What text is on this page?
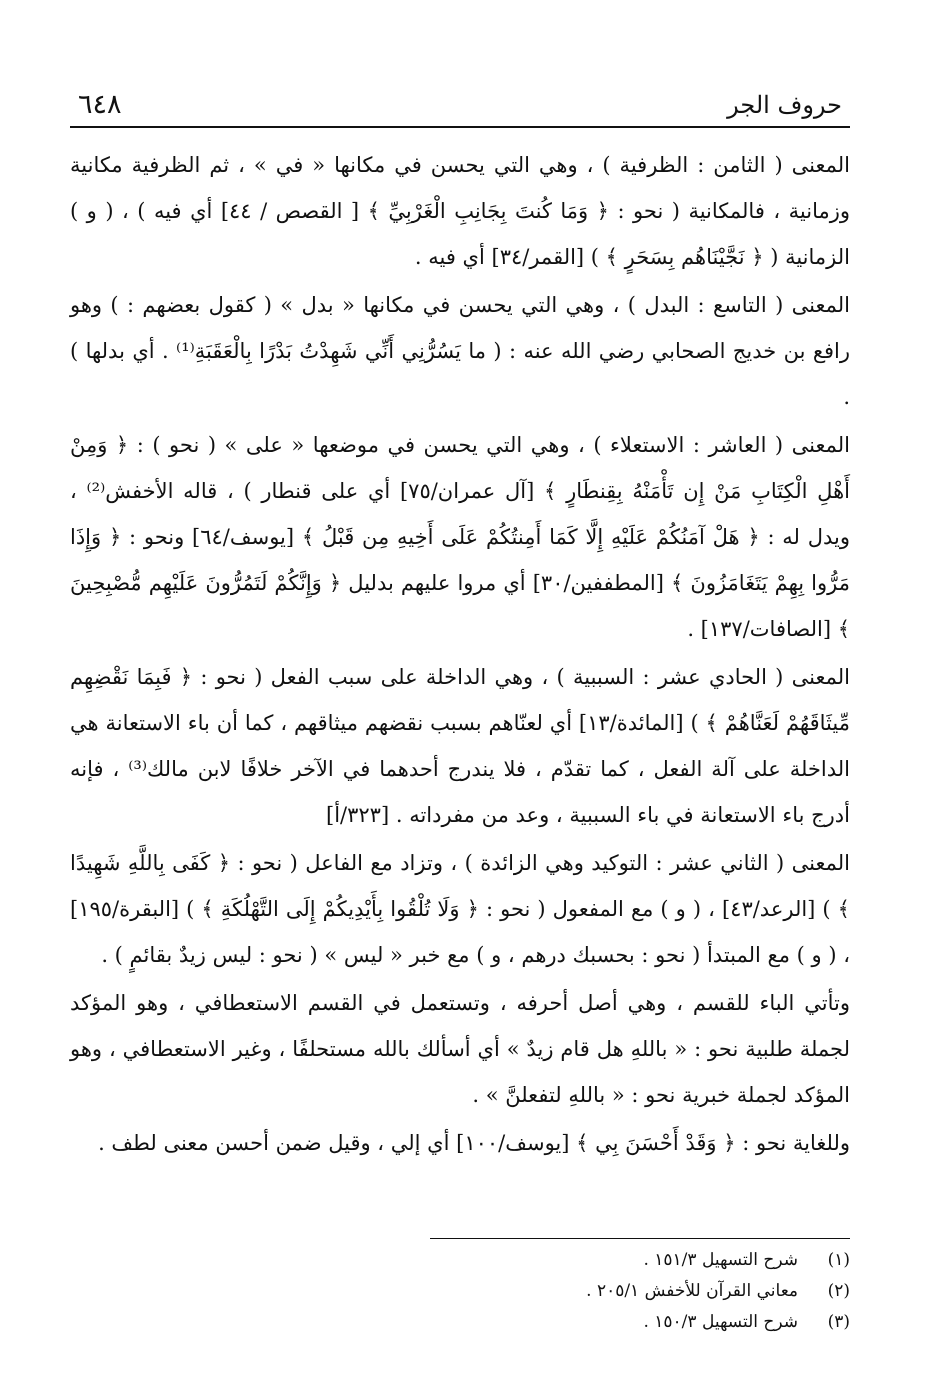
حروف الجر
٦٤٨

المعنى ( الثامن : الظرفية ) ، وهي التي يحسن في مكانها « في » ، ثم الظرفية مكانية وزمانية ، فالمكانية ( نحو : ﴿ وَمَا كُنتَ بِجَانِبِ الْغَرْبِيِّ ﴾ [ القصص / ٤٤] أي فيه ) ، ( و ) الزمانية ( ﴿ نَجَّيْنَاهُم بِسَحَرٍ ﴾ ) [القمر/٣٤] أي فيه .

المعنى ( التاسع : البدل ) ، وهي التي يحسن في مكانها « بدل » ( كقول بعضهم : ) وهو رافع بن خديج الصحابي رضي الله عنه : ( ما يَسُرُّنِي أَنِّي شَهِدْتُ بَدْرًا بِالْعَقَبَةِ⁽¹⁾ . أي بدلها ) .

المعنى ( العاشر : الاستعلاء ) ، وهي التي يحسن في موضعها « على » ( نحو ) : ﴿ وَمِنْ أَهْلِ الْكِتَابِ مَنْ إِن تَأْمَنْهُ بِقِنطَارٍ ﴾ [آل عمران/٧٥] أي على قنطار ) ، قاله الأخفش⁽²⁾ ، ويدل له : ﴿ هَلْ آمَنُكُمْ عَلَيْهِ إِلَّا كَمَا أَمِنتُكُمْ عَلَى أَخِيهِ مِن قَبْلُ ﴾ [يوسف/٦٤] ونحو : ﴿ وَإِذَا مَرُّوا بِهِمْ يَتَغَامَزُونَ ﴾ [المطففين/٣٠] أي مروا عليهم بدليل ﴿ وَإِنَّكُمْ لَتَمُرُّونَ عَلَيْهِم مُّصْبِحِينَ ﴾ [الصافات/١٣٧] .

المعنى ( الحادي عشر : السببية ) ، وهي الداخلة على سبب الفعل ( نحو : ﴿ فَبِمَا نَقْضِهِم مِّيثَاقَهُمْ لَعَنَّاهُمْ ﴾ ) [المائدة/١٣] أي لعنّاهم بسبب نقضهم ميثاقهم ، كما أن باء الاستعانة هي الداخلة على آلة الفعل ، كما تقدّم ، فلا يندرج أحدهما في الآخر خلافًا لابن مالك⁽³⁾ ، فإنه أدرج باء الاستعانة في باء السببية ، وعد من مفرداته . [٣٢٣/أ]

المعنى ( الثاني عشر : التوكيد وهي الزائدة ) ، وتزاد مع الفاعل ( نحو : ﴿ كَفَى بِاللَّهِ شَهِيدًا ﴾ ) [الرعد/٤٣] ، ( و ) مع المفعول ( نحو : ﴿ وَلَا تُلْقُوا بِأَيْدِيكُمْ إِلَى التَّهْلُكَةِ ﴾ ) [البقرة/١٩٥] ، ( و ) مع المبتدأ ( نحو : بحسبك درهم ، و ) مع خبر « ليس » ( نحو : ليس زيدٌ بقائمٍ ) .

وتأتي الباء للقسم ، وهي أصل أحرفه ، وتستعمل في القسم الاستعطافي ، وهو المؤكد لجملة طلبية نحو : « باللهِ هل قام زيدٌ » أي أسألك بالله مستحلفًا ، وغير الاستعطافي ، وهو المؤكد لجملة خبرية نحو : « باللهِ لتفعلنَّ » .

وللغاية نحو : ﴿ وَقَدْ أَحْسَنَ بِي ﴾ [يوسف/١٠٠] أي إلي ، وقيل ضمن أحسن معنى لطف .

(١)
شرح التسهيل ١٥١/٣ .
(٢)
معاني القرآن للأخفش ٢٠٥/١ .
(٣)
شرح التسهيل ١٥٠/٣ .
